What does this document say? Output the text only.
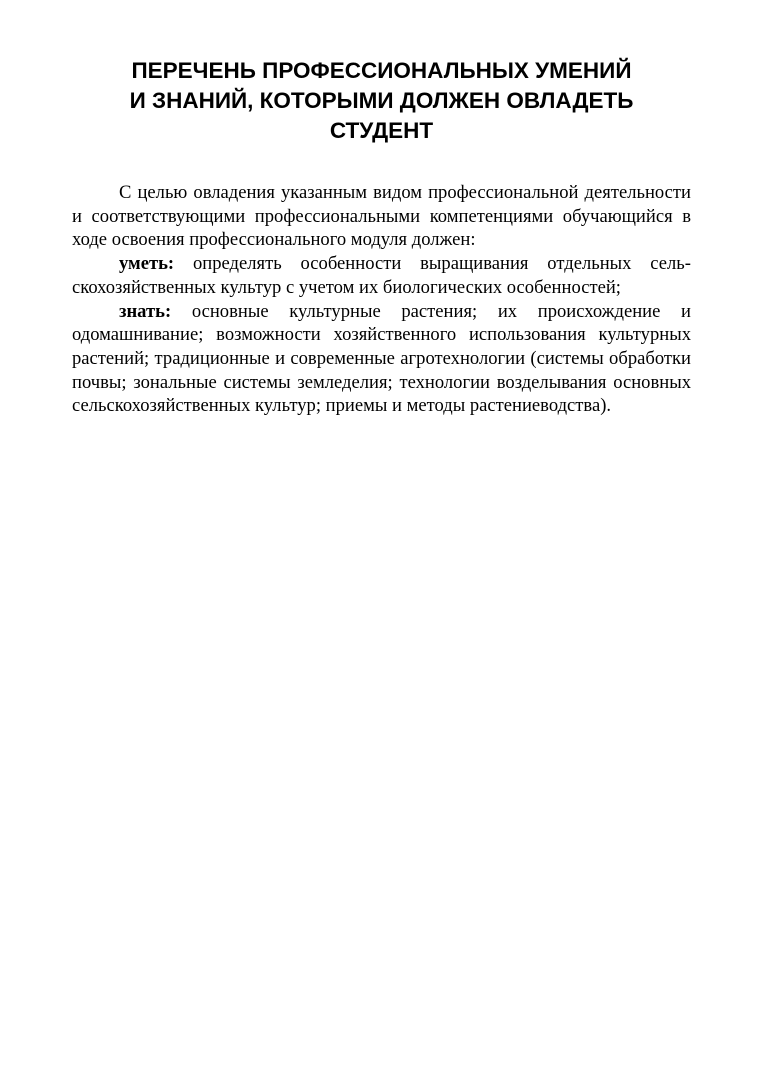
ПЕРЕЧЕНЬ ПРОФЕССИОНАЛЬНЫХ УМЕНИЙ
И ЗНАНИЙ, КОТОРЫМИ ДОЛЖЕН ОВЛАДЕТЬ
СТУДЕНТ

С целью овладения указанным видом профессиональной деятельности и соответствующими профессиональными компетенциями обучающийся в ходе освоения профессионального модуля должен:

уметь: определять особенности выращивания отдельных сельскохозяйственных культур с учетом их биологических особенностей;

знать: основные культурные растения; их происхождение и одомашнивание; возможности хозяйственного использования культурных растений; традиционные и современные агротехнологии (системы обработки почвы; зональные системы земледелия; технологии возделывания основных сельскохозяйственных культур; приемы и методы растениеводства).
